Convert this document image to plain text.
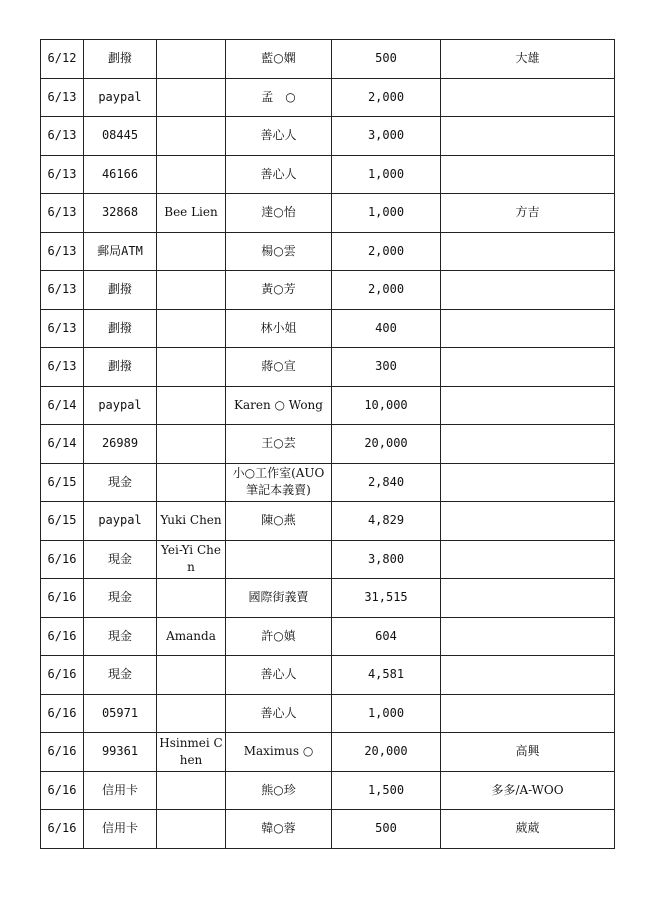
6/12	劃撥		藍○嫻	500	大雄
6/13	paypal		孟　○	2,000	
6/13	08445		善心人	3,000	
6/13	46166		善心人	1,000	
6/13	32868	Bee Lien	達○怡	1,000	方吉
6/13	郵局ATM		楊○雲	2,000	
6/13	劃撥		黃○芳	2,000	
6/13	劃撥		林小姐	400	
6/13	劃撥		蔣○宣	300	
6/14	paypal		Karen ○ Wong	10,000	
6/14	26989		王○芸	20,000	
6/15	現金		小○工作室(AUO筆記本義賣)	2,840	
6/15	paypal	Yuki Chen	陳○燕	4,829	
6/16	現金	Yei-Yi Chen		3,800	
6/16	現金		國際街義賣	31,515	
6/16	現金	Amanda	許○嫃	604	
6/16	現金		善心人	4,581	
6/16	05971		善心人	1,000	
6/16	99361	Hsinmei Chen	Maximus ○	20,000	高興
6/16	信用卡		熊○珍	1,500	多多/A-WOO
6/16	信用卡		韓○蓉	500	葳葳
